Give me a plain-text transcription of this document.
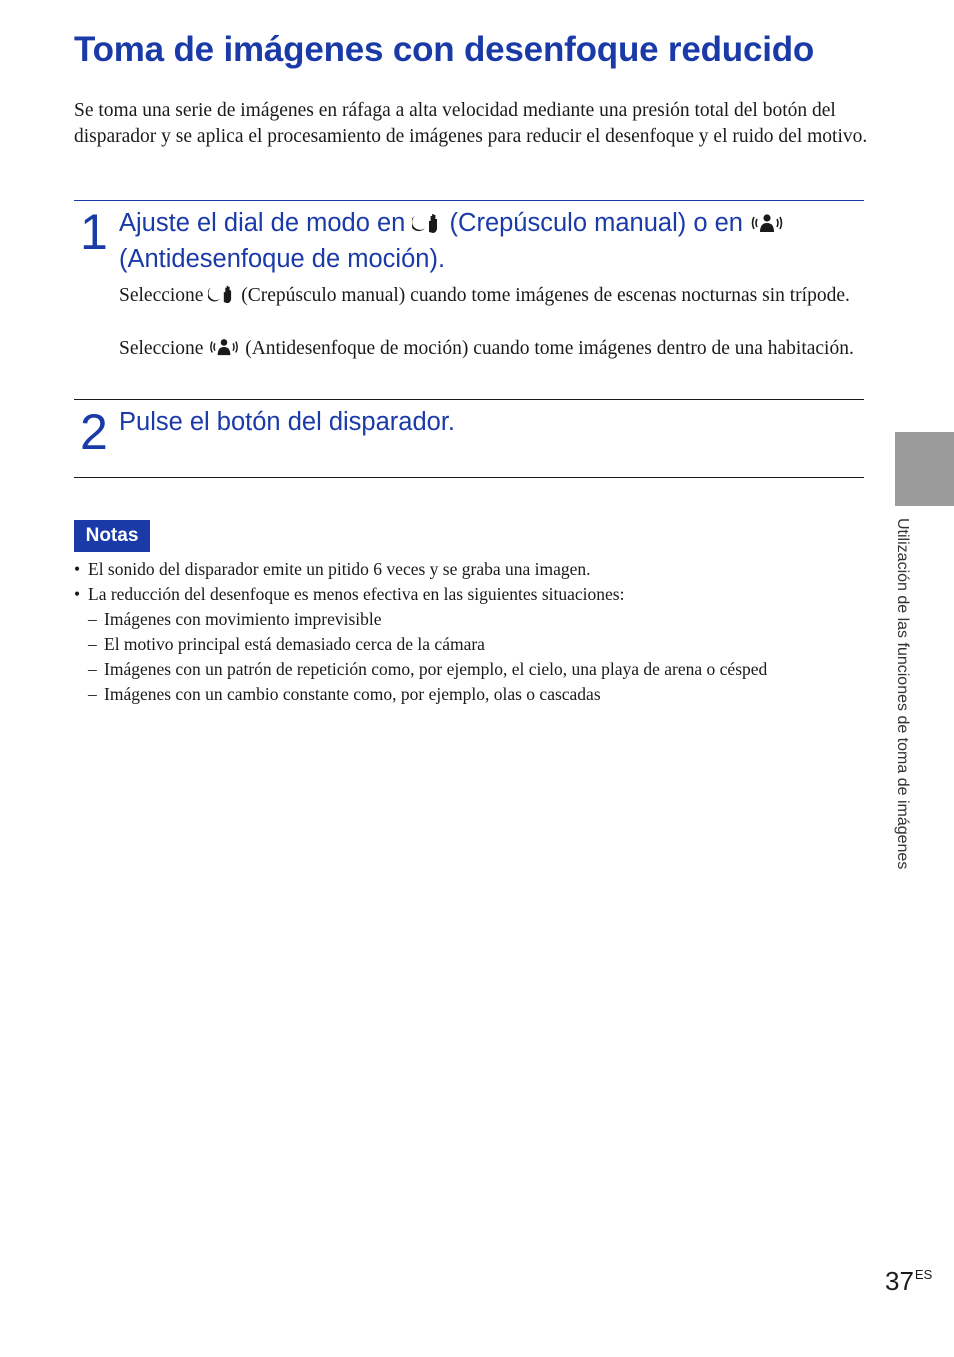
Toma de imágenes con desenfoque reducido

Se toma una serie de imágenes en ráfaga a alta velocidad mediante una presión total del botón del disparador y se aplica el procesamiento de imágenes para reducir el desenfoque y el ruido del motivo.

1 Ajuste el dial de modo en (Crepúsculo manual) o en  (Antidesenfoque de moción).
Seleccione (Crepúsculo manual) cuando tome imágenes de escenas nocturnas sin trípode.
Seleccione (Antidesenfoque de moción) cuando tome imágenes dentro de una habitación.
2 Pulse el botón del disparador.
Notas
• El sonido del disparador emite un pitido 6 veces y se graba una imagen.
• La reducción del desenfoque es menos efectiva en las siguientes situaciones:
– Imágenes con movimiento imprevisible
– El motivo principal está demasiado cerca de la cámara
– Imágenes con un patrón de repetición como, por ejemplo, el cielo, una playa de arena o césped
– Imágenes con un cambio constante como, por ejemplo, olas o cascadas	Utilización de las funciones de toma de imágenes
$37^{ES}$
